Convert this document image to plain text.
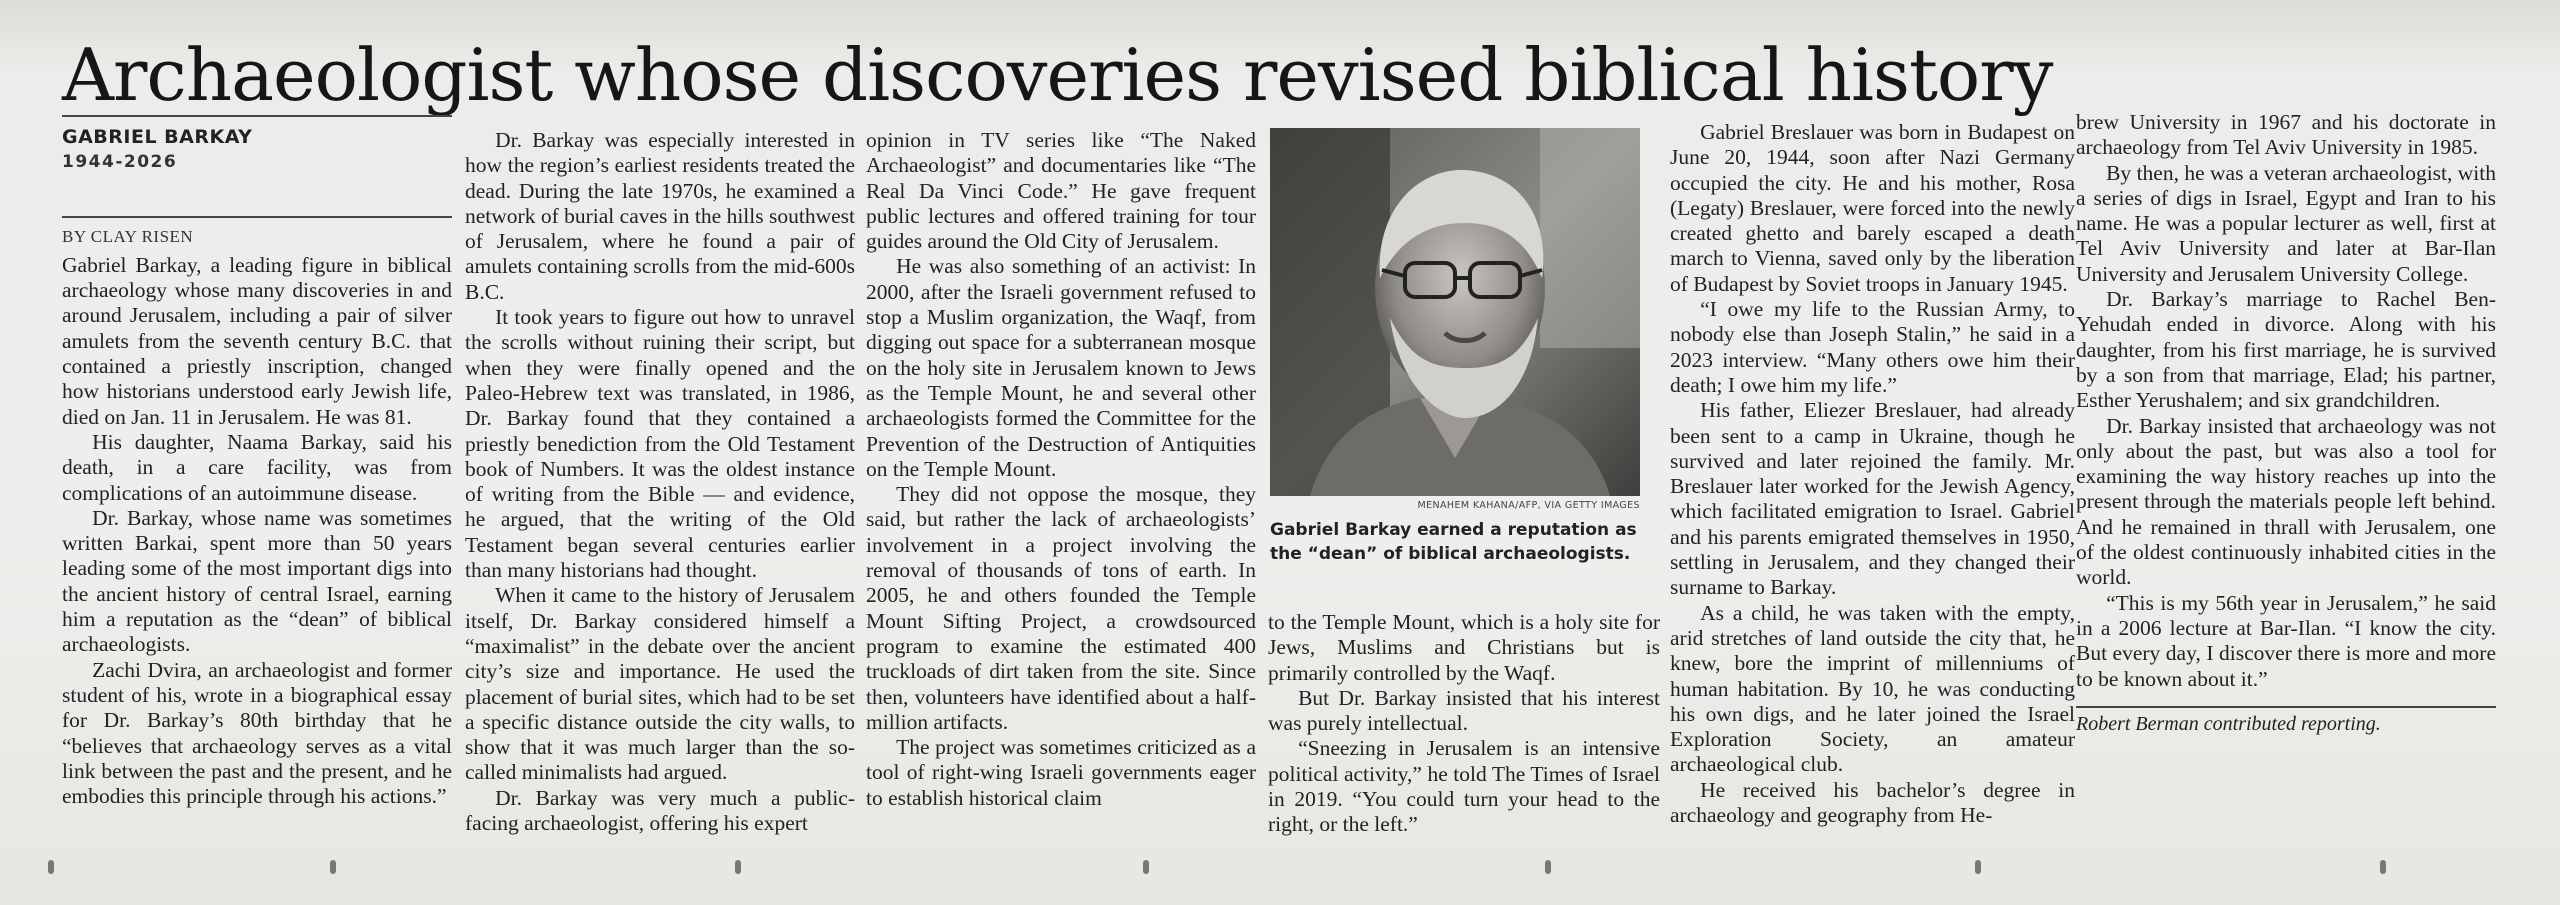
Archaeologist whose discoveries revised biblical history
GABRIEL BARKAY
1944-2026
BY CLAY RISEN

Gabriel Barkay, a leading figure in biblical archaeology whose many discoveries in and around Jerusalem, including a pair of silver amulets from the seventh century B.C. that contained a priestly inscription, changed how historians understood early Jewish life, died on Jan. 11 in Jerusalem. He was 81.

His daughter, Naama Barkay, said his death, in a care facility, was from complications of an autoimmune disease.

Dr. Barkay, whose name was sometimes written Barkai, spent more than 50 years leading some of the most important digs into the ancient history of central Israel, earning him a reputation as the “dean” of biblical archaeologists.

Zachi Dvira, an archaeologist and former student of his, wrote in a biographical essay for Dr. Barkay’s 80th birthday that he “believes that archaeology serves as a vital link between the past and the present, and he embodies this principle through his actions.”

Dr. Barkay was especially interested in how the region’s earliest residents treated the dead. During the late 1970s, he examined a network of burial caves in the hills southwest of Jerusalem, where he found a pair of amulets containing scrolls from the mid-600s B.C.

It took years to figure out how to unravel the scrolls without ruining their script, but when they were finally opened and the Paleo-Hebrew text was translated, in 1986, Dr. Barkay found that they contained a priestly benediction from the Old Testament book of Numbers. It was the oldest instance of writing from the Bible — and evidence, he argued, that the writing of the Old Testament began several centuries earlier than many historians had thought.

When it came to the history of Jerusalem itself, Dr. Barkay considered himself a “maximalist” in the debate over the ancient city’s size and importance. He used the placement of burial sites, which had to be set a specific distance outside the city walls, to show that it was much larger than the so-called minimalists had argued.

Dr. Barkay was very much a public-facing archaeologist, offering his expert

opinion in TV series like “The Naked Archaeologist” and documentaries like “The Real Da Vinci Code.” He gave frequent public lectures and offered training for tour guides around the Old City of Jerusalem.

He was also something of an activist: In 2000, after the Israeli government refused to stop a Muslim organization, the Waqf, from digging out space for a subterranean mosque on the holy site in Jerusalem known to Jews as the Temple Mount, he and several other archaeologists formed the Committee for the Prevention of the Destruction of Antiquities on the Temple Mount.

They did not oppose the mosque, they said, but rather the lack of archaeologists’ involvement in a project involving the removal of thousands of tons of earth. In 2005, he and others founded the Temple Mount Sifting Project, a crowdsourced program to examine the estimated 400 truckloads of dirt taken from the site. Since then, volunteers have identified about a half-million artifacts.

The project was sometimes criticized as a tool of right-wing Israeli governments eager to establish historical claim

MENAHEM KAHANA/AFP, VIA GETTY IMAGES
Gabriel Barkay earned a reputation as the “dean” of biblical archaeologists.

to the Temple Mount, which is a holy site for Jews, Muslims and Christians but is primarily controlled by the Waqf.

But Dr. Barkay insisted that his interest was purely intellectual.

“Sneezing in Jerusalem is an intensive political activity,” he told The Times of Israel in 2019. “You could turn your head to the right, or the left.”

Gabriel Breslauer was born in Budapest on June 20, 1944, soon after Nazi Germany occupied the city. He and his mother, Rosa (Legaty) Breslauer, were forced into the newly created ghetto and barely escaped a death march to Vienna, saved only by the liberation of Budapest by Soviet troops in January 1945.

“I owe my life to the Russian Army, to nobody else than Joseph Stalin,” he said in a 2023 interview. “Many others owe him their death; I owe him my life.”

His father, Eliezer Breslauer, had already been sent to a camp in Ukraine, though he survived and later rejoined the family. Mr. Breslauer later worked for the Jewish Agency, which facilitated emigration to Israel. Gabriel and his parents emigrated themselves in 1950, settling in Jerusalem, and they changed their surname to Barkay.

As a child, he was taken with the empty, arid stretches of land outside the city that, he knew, bore the imprint of millenniums of human habitation. By 10, he was conducting his own digs, and he later joined the Israel Exploration Society, an amateur archaeological club.

He received his bachelor’s degree in archaeology and geography from He-

brew University in 1967 and his doctorate in archaeology from Tel Aviv University in 1985.

By then, he was a veteran archaeologist, with a series of digs in Israel, Egypt and Iran to his name. He was a popular lecturer as well, first at Tel Aviv University and later at Bar-Ilan University and Jerusalem University College.

Dr. Barkay’s marriage to Rachel Ben-Yehudah ended in divorce. Along with his daughter, from his first marriage, he is survived by a son from that marriage, Elad; his partner, Esther Yerushalem; and six grandchildren.

Dr. Barkay insisted that archaeology was not only about the past, but was also a tool for examining the way history reaches up into the present through the materials people left behind. And he remained in thrall with Jerusalem, one of the oldest continuously inhabited cities in the world.

“This is my 56th year in Jerusalem,” he said in a 2006 lecture at Bar-Ilan. “I know the city. But every day, I discover there is more and more to be known about it.”

Robert Berman contributed reporting.
